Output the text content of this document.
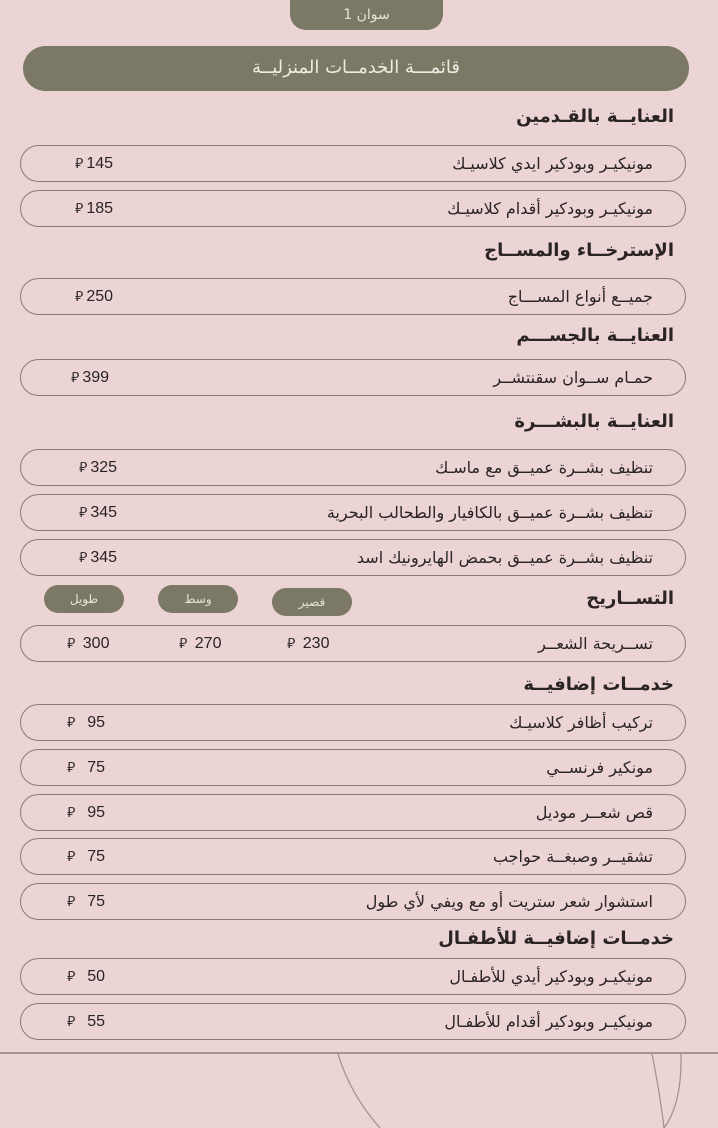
سوان 1
قائمـــة الخدمــات المنزليــة
العنايــة بالقـدمين
مونيكيـر وبودكير ايدي كلاسيـك
⃁ 145
مونيكيـر وبودكير أقدام كلاسيـك
⃁ 185
الإسترخــاء والمســاج
جميــع أنواع المســـاج
⃁ 250
العنايــة بالجســـم
حمـام ســوان سقنتشــر
⃁ 399
العنايــة بالبشـــرة
تنظيف بشــرة عميــق مع ماسـك
⃁ 325
تنظيف بشــرة عميــق بالكافيار والطحالب البحرية
⃁ 345
تنظيف بشــرة عميــق بحمض الهايرونيك اسد
⃁ 345
التســاريح
قصير
وسط
طويل
تســريحة الشعــر
⃁ 230
⃁ 270
⃁ 300
خدمــات إضافيــة
تركيب أظافر كلاسيـك
⃁ 95
مونكير فرنســي
⃁ 75
قص شعــر موديل
⃁ 95
تشقيــر وصبغــة حواجب
⃁ 75
استشوار شعر ستريت أو مع ويفي لأي طول
⃁ 75
خدمــات إضافيــة للأطفـال
مونيكيـر وبودكير أيدي للأطفـال
⃁ 50
مونيكيـر وبودكير أقدام للأطفـال
⃁ 55
